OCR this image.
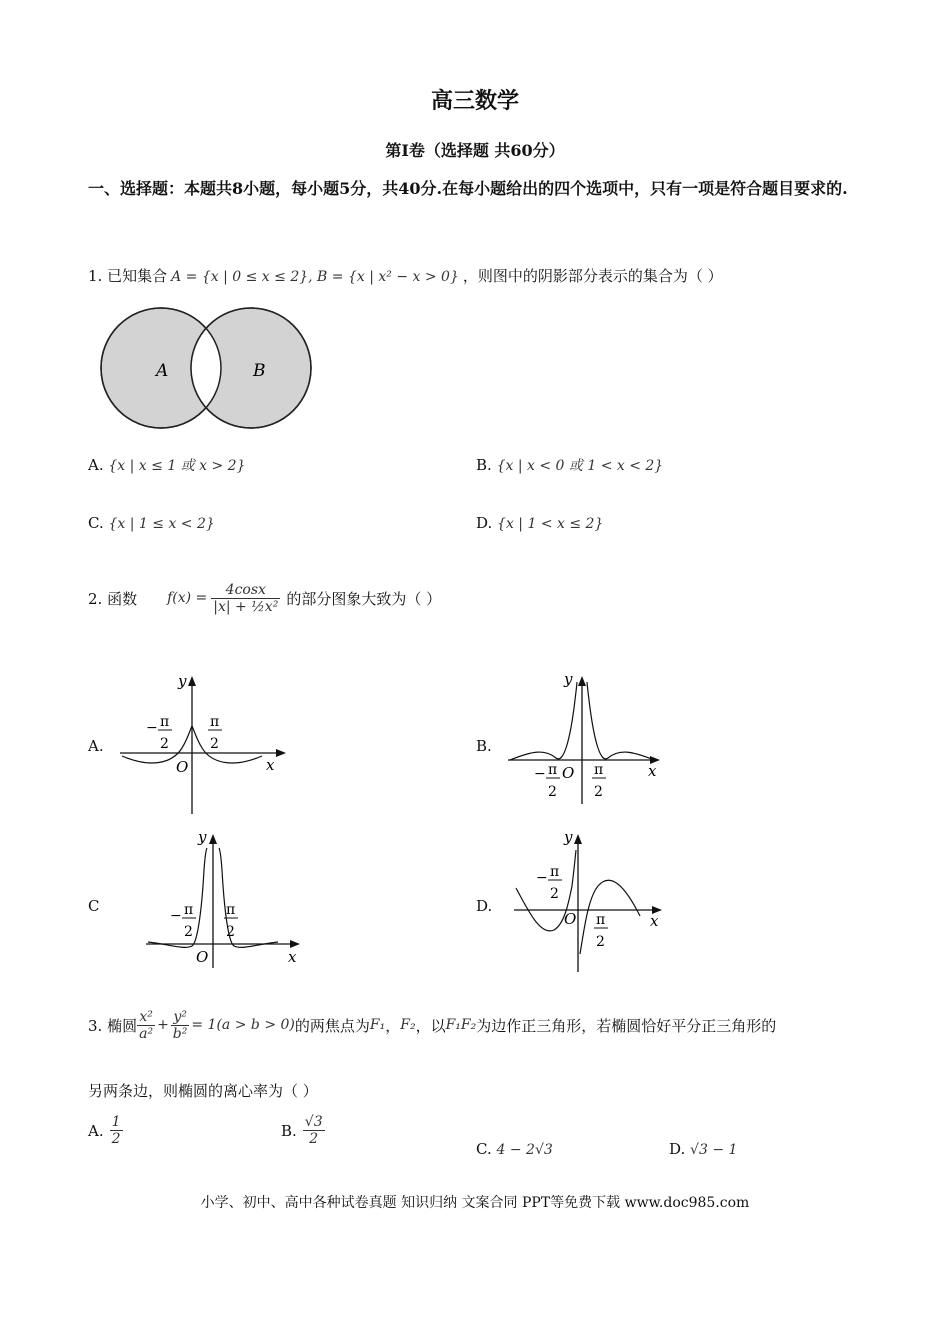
高三数学
第Ⅰ卷（选择题 共60分）
一、选择题：本题共8小题，每小题5分，共40分.在每小题给出的四个选项中，只有一项是符合题目要求的.
1. 已知集合 A = {x | 0 ≤ x ≤ 2}, B = {x | x² − x > 0} ，则图中的阴影部分表示的集合为（ ）
A	B
A. {x | x ≤ 1 或 x > 2}	B. {x | x < 0 或 1 < x < 2}
C. {x | 1 ≤ x < 2}	D. {x | 1 < x ≤ 2}
2. 函数 $f(x) = \frac{4\cos x}{\text{|x| + ½x²}}$ 的部分图象大致为（ ）
A.	B.
C	D.
y
x
O
− π
2
π
2
y
x
O
− π
2
π
2
y
x
O
− π
2
π
2
y
x
O
− π
2
π
2
3. 椭圆 $\frac{\text{x²}}{\text{a²}} + \frac{\text{y²}}{\text{b²}} = 1(a > b > 0)$ 的两焦点为 F₁ ， F₂ ，以 F₁F₂ 为边作正三角形，若椭圆恰好平分正三角形的
另两条边，则椭圆的离心率为（ ）
A. $\frac{1}{2}$	B. $\frac{√3}{2}$
C. 4 − 2√3	D. √3 − 1
小学、初中、高中各种试卷真题 知识归纳 文案合同 PPT等免费下载 www.doc985.com
